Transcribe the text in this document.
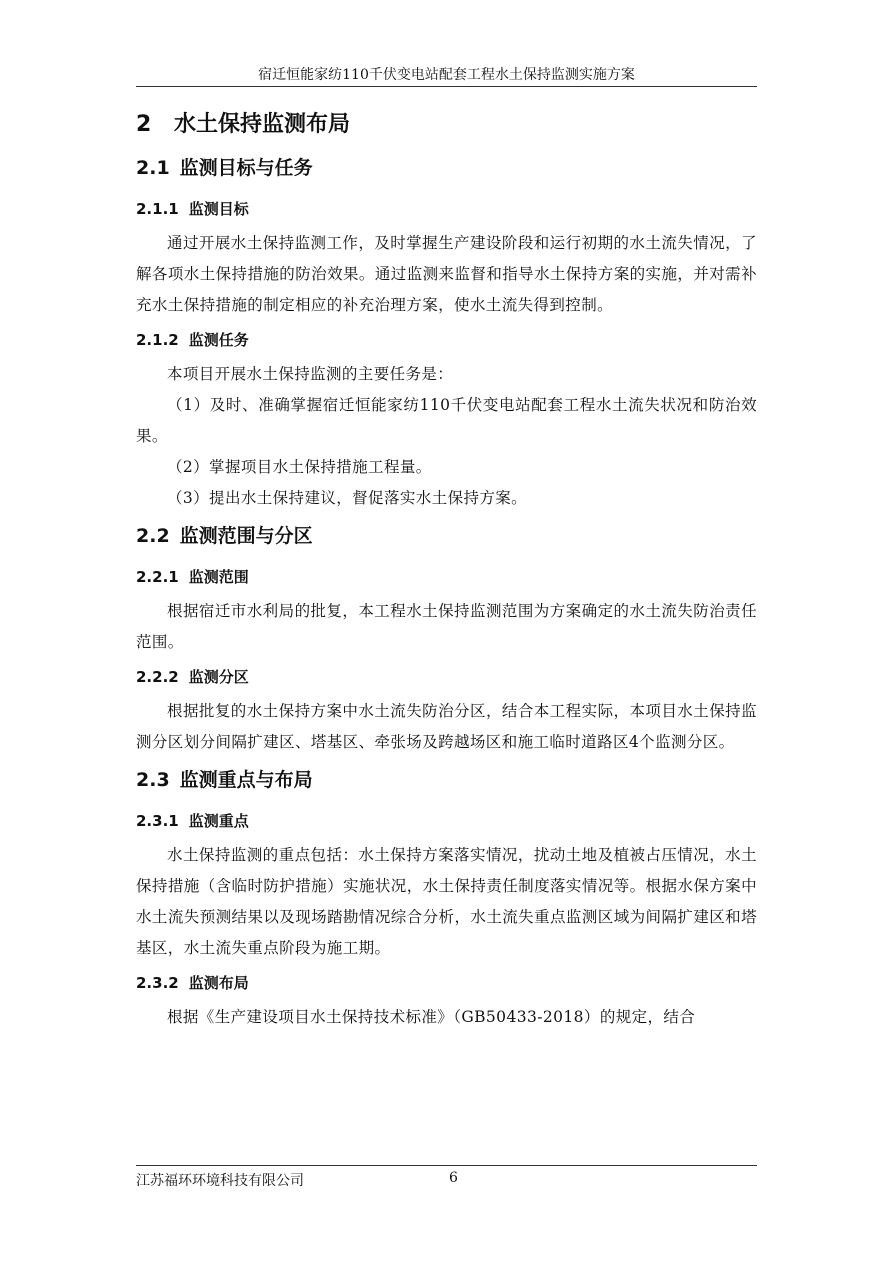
宿迁恒能家纺110千伏变电站配套工程水土保持监测实施方案
2 水土保持监测布局
2.1 监测目标与任务
2.1.1 监测目标

通过开展水土保持监测工作，及时掌握生产建设阶段和运行初期的水土流失情况，了解各项水土保持措施的防治效果。通过监测来监督和指导水土保持方案的实施，并对需补充水土保持措施的制定相应的补充治理方案，使水土流失得到控制。

2.1.2 监测任务

本项目开展水土保持监测的主要任务是：

（1）及时、准确掌握宿迁恒能家纺110千伏变电站配套工程水土流失状况和防治效果。

（2）掌握项目水土保持措施工程量。

（3）提出水土保持建议，督促落实水土保持方案。

2.2 监测范围与分区
2.2.1 监测范围

根据宿迁市水利局的批复，本工程水土保持监测范围为方案确定的水土流失防治责任范围。

2.2.2 监测分区

根据批复的水土保持方案中水土流失防治分区，结合本工程实际，本项目水土保持监测分区划分间隔扩建区、塔基区、牵张场及跨越场区和施工临时道路区4个监测分区。

2.3 监测重点与布局
2.3.1 监测重点

水土保持监测的重点包括：水土保持方案落实情况，扰动土地及植被占压情况，水土保持措施（含临时防护措施）实施状况，水土保持责任制度落实情况等。根据水保方案中水土流失预测结果以及现场踏勘情况综合分析，水土流失重点监测区域为间隔扩建区和塔基区，水土流失重点阶段为施工期。

2.3.2 监测布局

根据《生产建设项目水土保持技术标准》（GB50433-2018）的规定，结合

江苏福环环境科技有限公司	6
